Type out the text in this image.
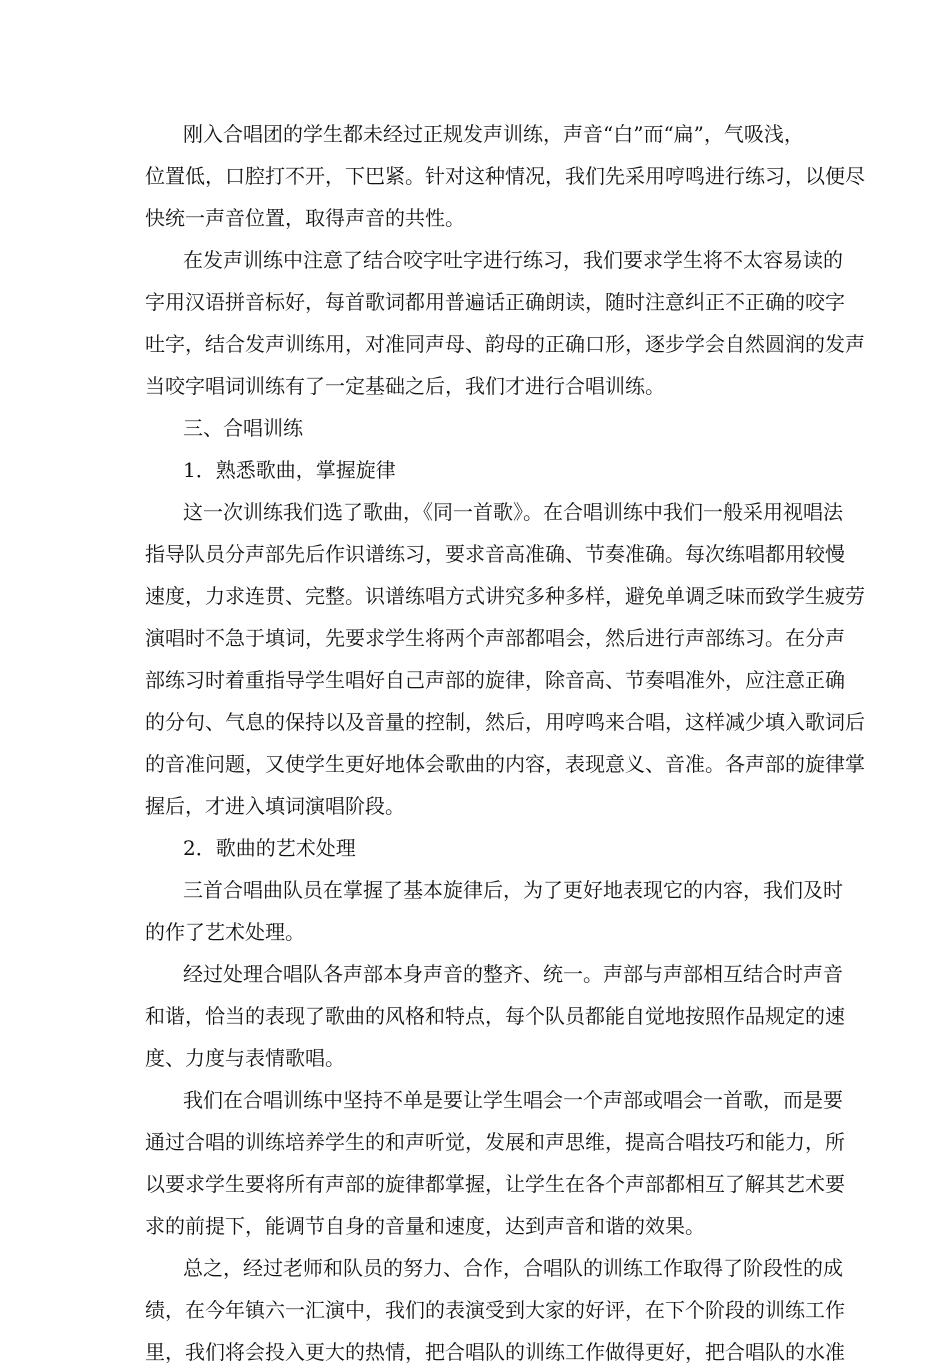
刚入合唱团的学生都未经过正规发声训练，声音“白”而“扁”，气吸浅，
位置低，口腔打不开，下巴紧。针对这种情况，我们先采用哼鸣进行练习，以便尽
快统一声音位置，取得声音的共性。
在发声训练中注意了结合咬字吐字进行练习，我们要求学生将不太容易读的
字用汉语拼音标好，每首歌词都用普遍话正确朗读，随时注意纠正不正确的咬字
吐字，结合发声训练用，对准同声母、韵母的正确口形，逐步学会自然圆润的发声
当咬字唱词训练有了一定基础之后，我们才进行合唱训练。
三、合唱训练
1．熟悉歌曲，掌握旋律
这一次训练我们选了歌曲，《同一首歌》。在合唱训练中我们一般采用视唱法
指导队员分声部先后作识谱练习，要求音高准确、节奏准确。每次练唱都用较慢
速度，力求连贯、完整。识谱练唱方式讲究多种多样，避免单调乏味而致学生疲劳
演唱时不急于填词，先要求学生将两个声部都唱会，然后进行声部练习。在分声
部练习时着重指导学生唱好自己声部的旋律，除音高、节奏唱准外，应注意正确
的分句、气息的保持以及音量的控制，然后，用哼鸣来合唱，这样减少填入歌词后
的音准问题，又使学生更好地体会歌曲的内容，表现意义、音准。各声部的旋律掌
握后，才进入填词演唱阶段。
2．歌曲的艺术处理
三首合唱曲队员在掌握了基本旋律后，为了更好地表现它的内容，我们及时
的作了艺术处理。
经过处理合唱队各声部本身声音的整齐、统一。声部与声部相互结合时声音
和谐，恰当的表现了歌曲的风格和特点，每个队员都能自觉地按照作品规定的速
度、力度与表情歌唱。
我们在合唱训练中坚持不单是要让学生唱会一个声部或唱会一首歌，而是要
通过合唱的训练培养学生的和声听觉，发展和声思维，提高合唱技巧和能力，所
以要求学生要将所有声部的旋律都掌握，让学生在各个声部都相互了解其艺术要
求的前提下，能调节自身的音量和速度，达到声音和谐的效果。
总之，经过老师和队员的努力、合作，合唱队的训练工作取得了阶段性的成
绩，在今年镇六一汇演中，我们的表演受到大家的好评，在下个阶段的训练工作
里，我们将会投入更大的热情，把合唱队的训练工作做得更好，把合唱队的水准
